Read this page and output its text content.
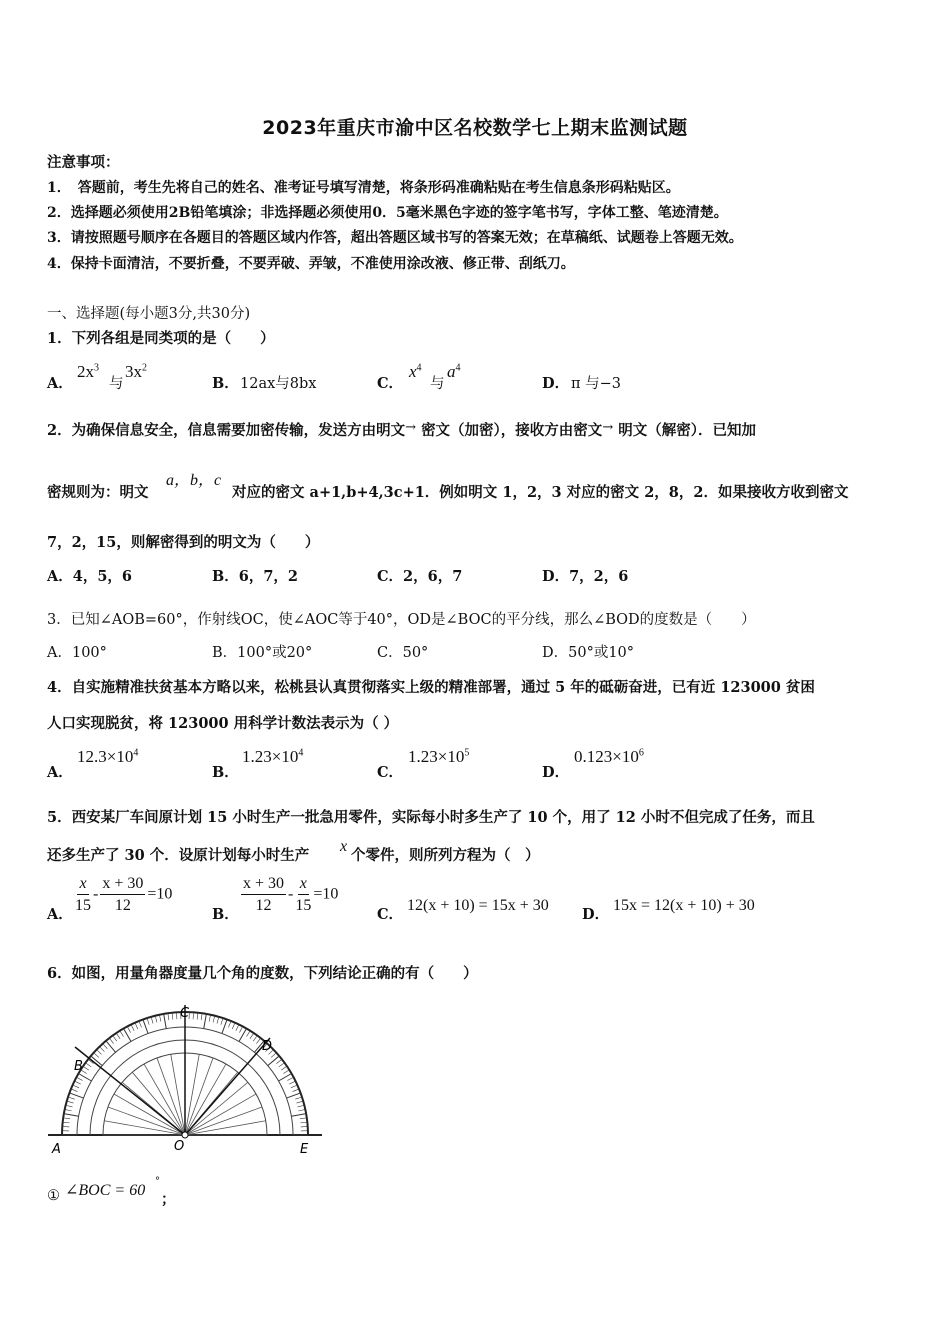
2023年重庆市渝中区名校数学七上期末监测试题
注意事项：
1．　答题前，考生先将自己的姓名、准考证号填写清楚，将条形码准确粘贴在考生信息条形码粘贴区。
2．选择题必须使用2B铅笔填涂；非选择题必须使用0．5毫米黑色字迹的签字笔书写，字体工整、笔迹清楚。
3．请按照题号顺序在各题目的答题区域内作答，超出答题区域书写的答案无效；在草稿纸、试题卷上答题无效。
4．保持卡面清洁，不要折叠，不要弄破、弄皱，不准使用涂改液、修正带、刮纸刀。
一、选择题(每小题3分,共30分)
1．下列各组是同类项的是（　　）
A．
$2x^3$
与
$3x^2$
B． 12ax与8bx	C．
$x^4$
与
$a^4$
D． π 与−3
2．为确保信息安全，信息需要加密传输，发送方由明文→ 密文（加密），接收方由密文→ 明文（解密）．已知加
密规则为：明文
a，b，c
对应的密文 a+1,b+4,3c+1．例如明文 1，2，3 对应的密文 2，8，2．如果接收方收到密文
7，2，15，则解密得到的明文为（　　）
A．4，5，6	B．6，7，2	C．2，6，7	D．7，2，6
3．已知∠AOB=60°，作射线OC，使∠AOC等于40°，OD是∠BOC的平分线，那么∠BOD的度数是（　　）
A．100°	B．100°或20°	C．50°	D．50°或10°
4．自实施精准扶贫基本方略以来，松桃县认真贯彻落实上级的精准部署，通过 5 年的砥砺奋进，已有近 123000 贫困
人口实现脱贫，将 123000 用科学计数法表示为（ ）
A．
$12.3\times 10^4$
B．
$1.23\times 10^4$
C．
$1.23\times 10^5$
D．
$0.123\times 10^6$
5．西安某厂车间原计划 15 小时生产一批急用零件，实际每小时多生产了 10 个，用了 12 小时不但完成了任务，而且
还多生产了 30 个．设原计划每小时生产
x
个零件，则所列方程为（　）
A． $\frac{x}{15} - \frac{x + 30}{12} =10$
B． $\frac{x + 30}{12} - \frac{x}{15} =10$
C．
12(x + 10) = 15x + 30
D．
15x = 12(x + 10) + 30
6．如图，用量角器度量几个角的度数，下列结论正确的有（　　）
A
B
C
D
E
O
① ∠BOC = 60
°
；
